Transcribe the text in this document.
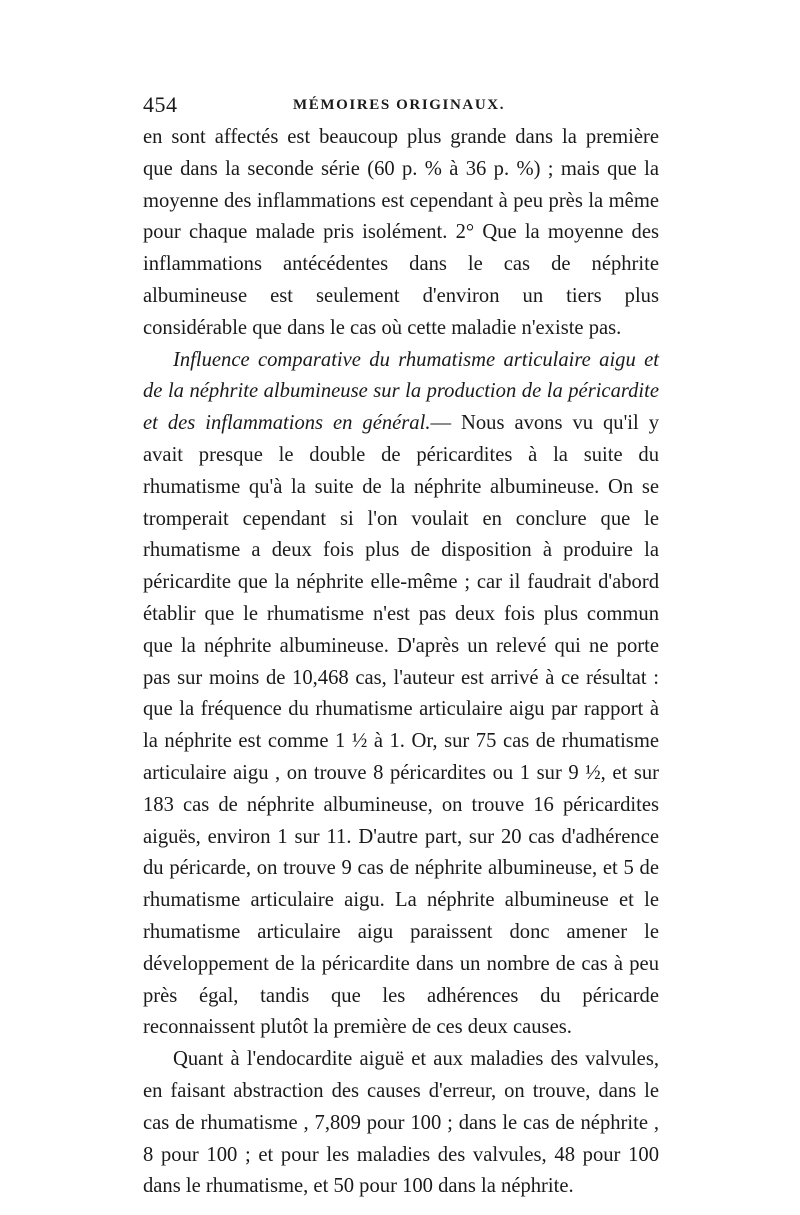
454	MÉMOIRES ORIGINAUX.

en sont affectés est beaucoup plus grande dans la première que dans la seconde série (60 p. % à 36 p. %) ; mais que la moyenne des inflammations est cependant à peu près la même pour chaque malade pris isolément. 2° Que la moyenne des inflammations antécédentes dans le cas de néphrite albumineuse est seulement d'environ un tiers plus considérable que dans le cas où cette maladie n'existe pas.

Influence comparative du rhumatisme articulaire aigu et de la néphrite albumineuse sur la production de la péricardite et des inflammations en général.— Nous avons vu qu'il y avait presque le double de péricardites à la suite du rhumatisme qu'à la suite de la néphrite albumineuse. On se tromperait cependant si l'on voulait en conclure que le rhumatisme a deux fois plus de disposition à produire la péricardite que la néphrite elle-même ; car il faudrait d'abord établir que le rhumatisme n'est pas deux fois plus commun que la néphrite albumineuse. D'après un relevé qui ne porte pas sur moins de 10,468 cas, l'auteur est arrivé à ce résultat : que la fréquence du rhumatisme articulaire aigu par rapport à la néphrite est comme 1 ½ à 1. Or, sur 75 cas de rhumatisme articulaire aigu , on trouve 8 péricardites ou 1 sur 9 ½, et sur 183 cas de néphrite albumineuse, on trouve 16 péricardites aiguës, environ 1 sur 11. D'autre part, sur 20 cas d'adhérence du péricarde, on trouve 9 cas de néphrite albumineuse, et 5 de rhumatisme articulaire aigu. La néphrite albumineuse et le rhumatisme articulaire aigu paraissent donc amener le développement de la péricardite dans un nombre de cas à peu près égal, tandis que les adhérences du péricarde reconnaissent plutôt la première de ces deux causes.

Quant à l'endocardite aiguë et aux maladies des valvules, en faisant abstraction des causes d'erreur, on trouve, dans le cas de rhumatisme , 7,809 pour 100 ; dans le cas de néphrite , 8 pour 100 ; et pour les maladies des valvules, 48 pour 100 dans le rhumatisme, et 50 pour 100 dans la néphrite.
